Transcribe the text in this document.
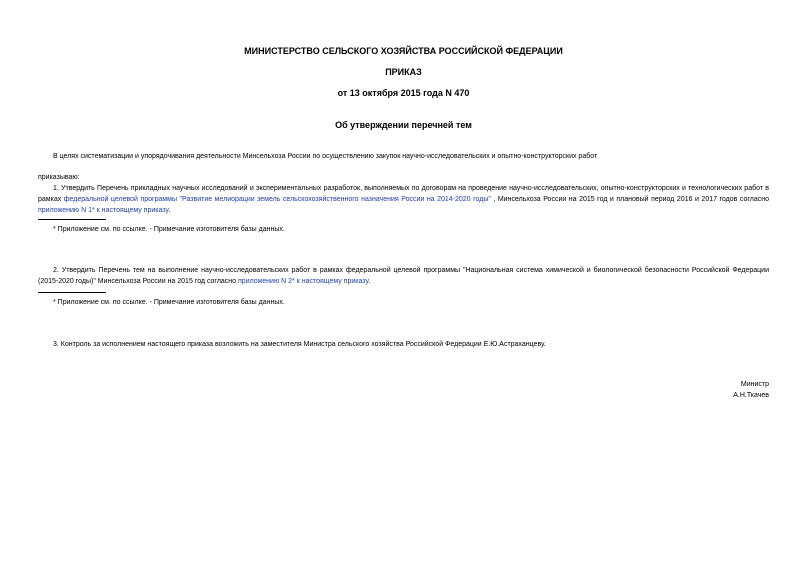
МИНИСТЕРСТВО СЕЛЬСКОГО ХОЗЯЙСТВА РОССИЙСКОЙ ФЕДЕРАЦИИ
ПРИКАЗ
от 13 октября 2015 года N 470
Об утверждении перечней тем
В целях систематизации и упорядочивания деятельности Минсельхоза России по осуществлению закупок научно-исследовательских и опытно-конструкторских работ
приказываю:
1. Утвердить Перечень прикладных научных исследований и экспериментальных разработок, выполняемых по договорам на проведение научно-исследовательских, опытно-конструкторских и технологических работ в рамках федеральной целевой программы "Развитие мелиорации земель сельскохозяйственного назначения России на 2014-2020 годы" , Минсельхоза России на 2015 год и плановый период 2016 и 2017 годов согласно приложению N 1* к настоящему приказу.
* Приложение см. по ссылке. - Примечание изготовителя базы данных.
2. Утвердить Перечень тем на выполнение научно-исследовательских работ в рамках федеральной целевой программы "Национальная система химической и биологической безопасности Российской Федерации (2015-2020 годы)" Минсельхоза России на 2015 год согласно приложению N 2* к настоящему приказу.
* Приложение см. по ссылке. - Примечание изготовителя базы данных.
3. Контроль за исполнением настоящего приказа возложить на заместителя Министра сельского хозяйства Российской Федерации Е.Ю.Астраханцеву.
Министр
А.Н.Ткачев
